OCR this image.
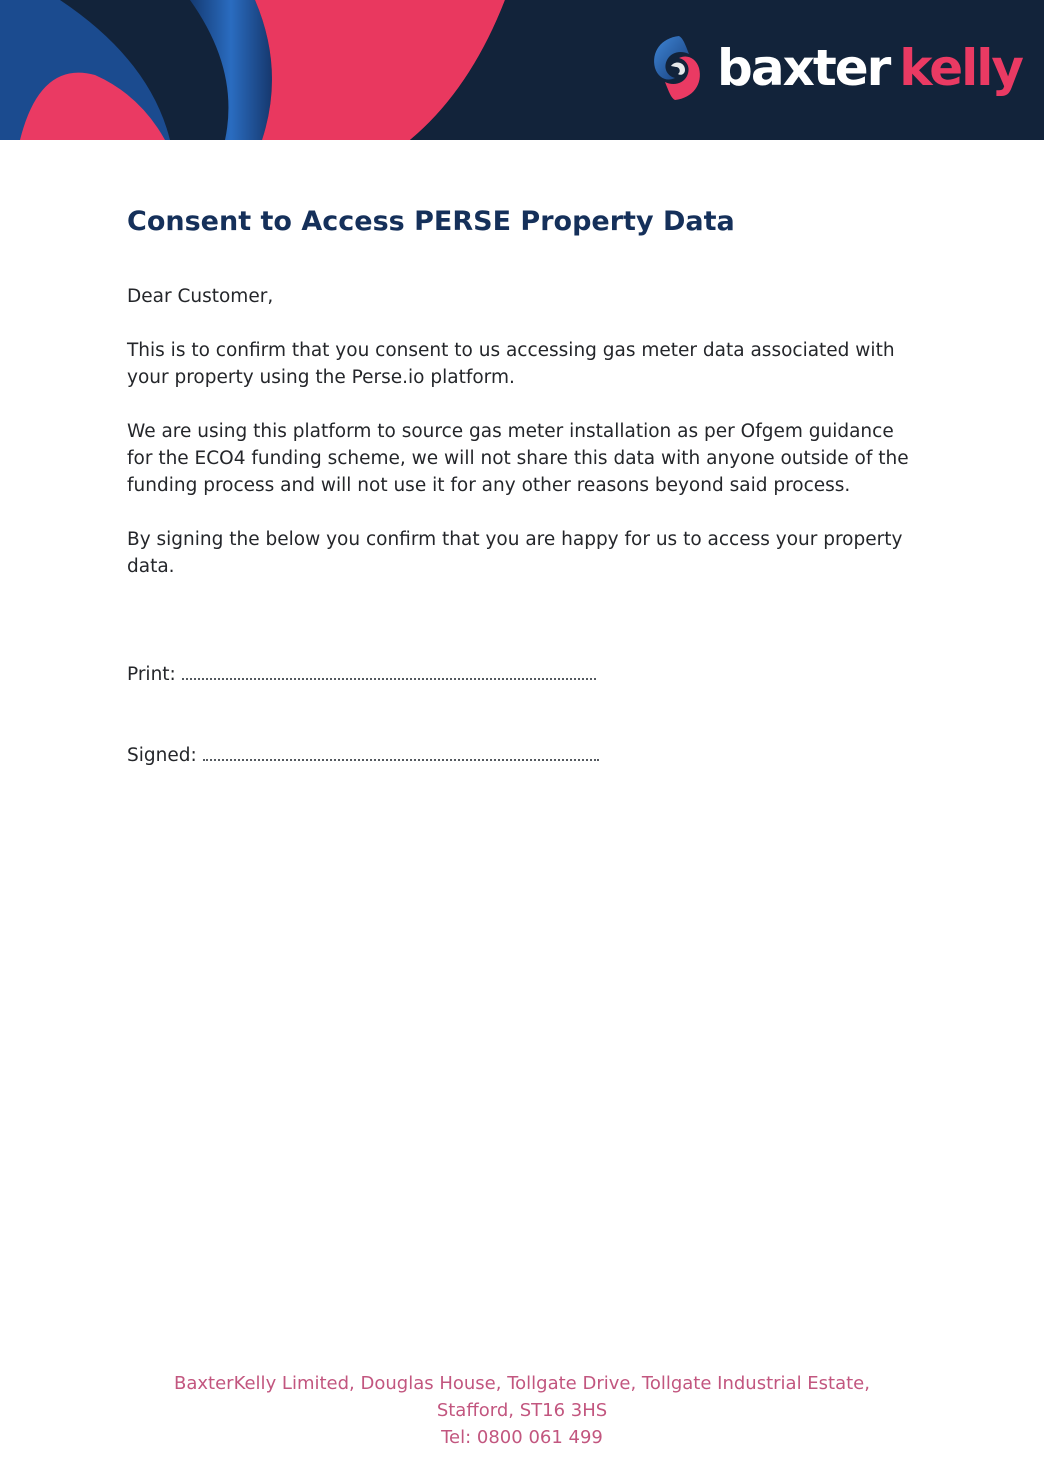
baxter kelly
Consent to Access PERSE Property Data

Dear Customer,

This is to confirm that you consent to us accessing gas meter data associated with your property using the Perse.io platform.

We are using this platform to source gas meter installation as per Ofgem guidance for the ECO4 funding scheme, we will not share this data with anyone outside of the funding process and will not use it for any other reasons beyond said process.

By signing the below you confirm that you are happy for us to access your property data.

Print:
Signed:
BaxterKelly Limited, Douglas House, Tollgate Drive, Tollgate Industrial Estate,
Stafford, ST16 3HS
Tel: 0800 061 499
